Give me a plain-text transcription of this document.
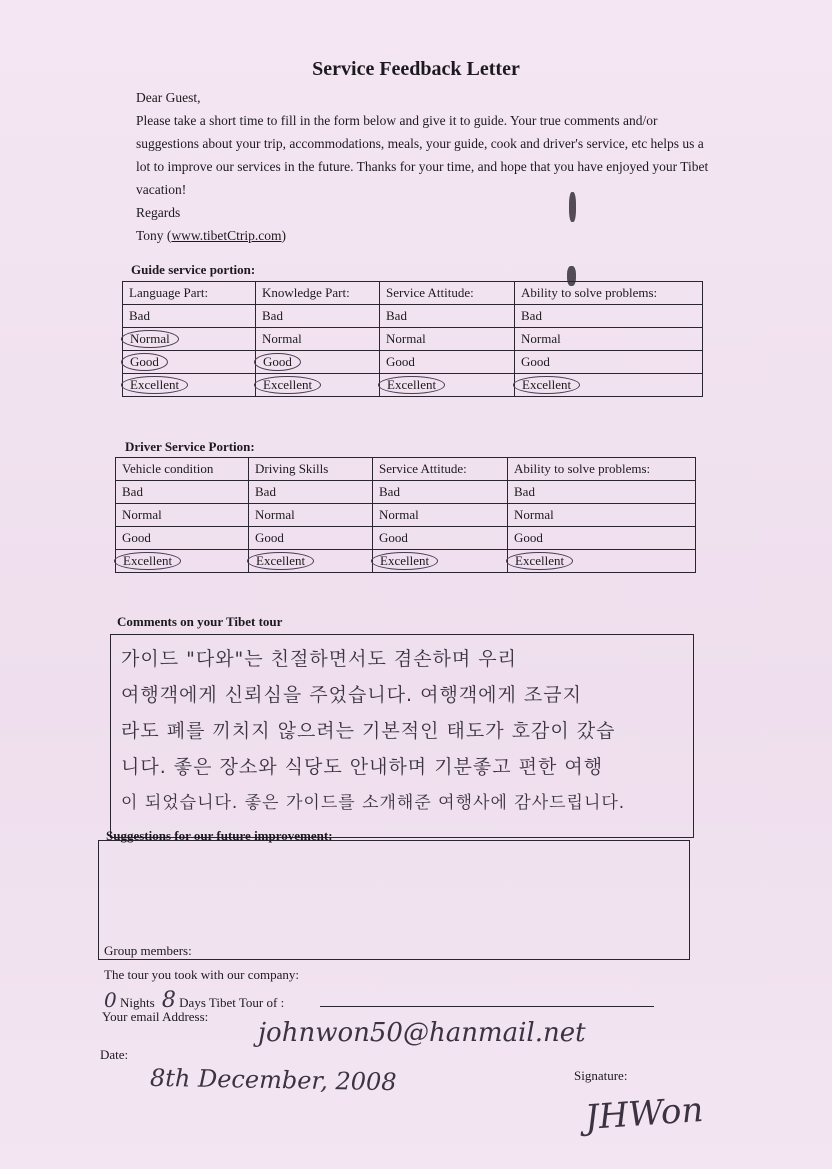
Service Feedback Letter

Dear Guest,

Please take a short time to fill in the form below and give it to guide. Your true comments and/or suggestions about your trip, accommodations, meals, your guide, cook and driver's service, etc helps us a lot to improve our services in the future. Thanks for your time, and hope that you have enjoyed your Tibet vacation!

Regards

Tony (www.tibetCtrip.com)

Guide service portion:
Language Part:	Knowledge Part:	Service Attitude:	Ability to solve problems:
Bad	Bad	Bad	Bad
Normal	Normal	Normal	Normal
Good	Good	Good	Good
Excellent	Excellent	Excellent	Excellent
Driver Service Portion:
Vehicle condition	Driving Skills	Service Attitude:	Ability to solve problems:
Bad	Bad	Bad	Bad
Normal	Normal	Normal	Normal
Good	Good	Good	Good
Excellent	Excellent	Excellent	Excellent
Comments on your Tibet tour
가이드 "다와"는 친절하면서도 겸손하며 우리
여행객에게 신뢰심을 주었습니다. 여행객에게 조금지
라도 폐를 끼치지 않으려는 기본적인 태도가 호감이 갔습
니다. 좋은 장소와 식당도 안내하며 기분좋고 편한 여행
이 되었습니다. 좋은 가이드를 소개해준 여행사에 감사드립니다.
Suggestions for our future improvement:
Group members:
The tour you took with our company:
0 Nights 8 Days Tibet Tour of :
Your email Address:
johnwon50@hanmail.net
Date:
8th December, 2008	Signature:
JHWon
